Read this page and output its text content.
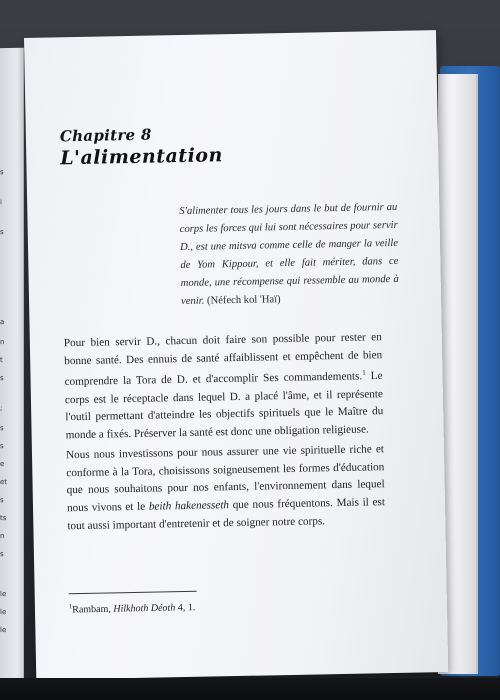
s
i
s
a
n
t
s
;
s
s
e
et
s
ts
n
s
le
le
le
Chapitre 8
L'alimentation
S'alimenter tous les jours dans le but de fournir au corps les forces qui lui sont nécessaires pour servir D., est une mitsva comme celle de manger la veille de Yom Kippour, et elle fait mériter, dans ce monde, une récompense qui ressemble au monde à venir. (Néfech kol 'Haï)

Pour bien servir D., chacun doit faire son possible pour rester en bonne santé. Des ennuis de santé affaiblissent et empêchent de bien comprendre la Tora de D. et d'accomplir Ses commandements.$^1$ Le corps est le réceptacle dans lequel D. a placé l'âme, et il représente l'outil permettant d'atteindre les objectifs spirituels que le Maître du monde a fixés. Préserver la santé est donc une obligation religieuse.

Nous nous investissons pour nous assurer une vie spirituelle riche et conforme à la Tora, choisissons soigneusement les formes d'éducation que nous souhaitons pour nos enfants, l'environnement dans lequel nous vivons et le beith hakenesseth que nous fréquentons. Mais il est tout aussi important d'entretenir et de soigner notre corps.

$^1$Rambam, Hilkhoth Déoth 4, 1.
